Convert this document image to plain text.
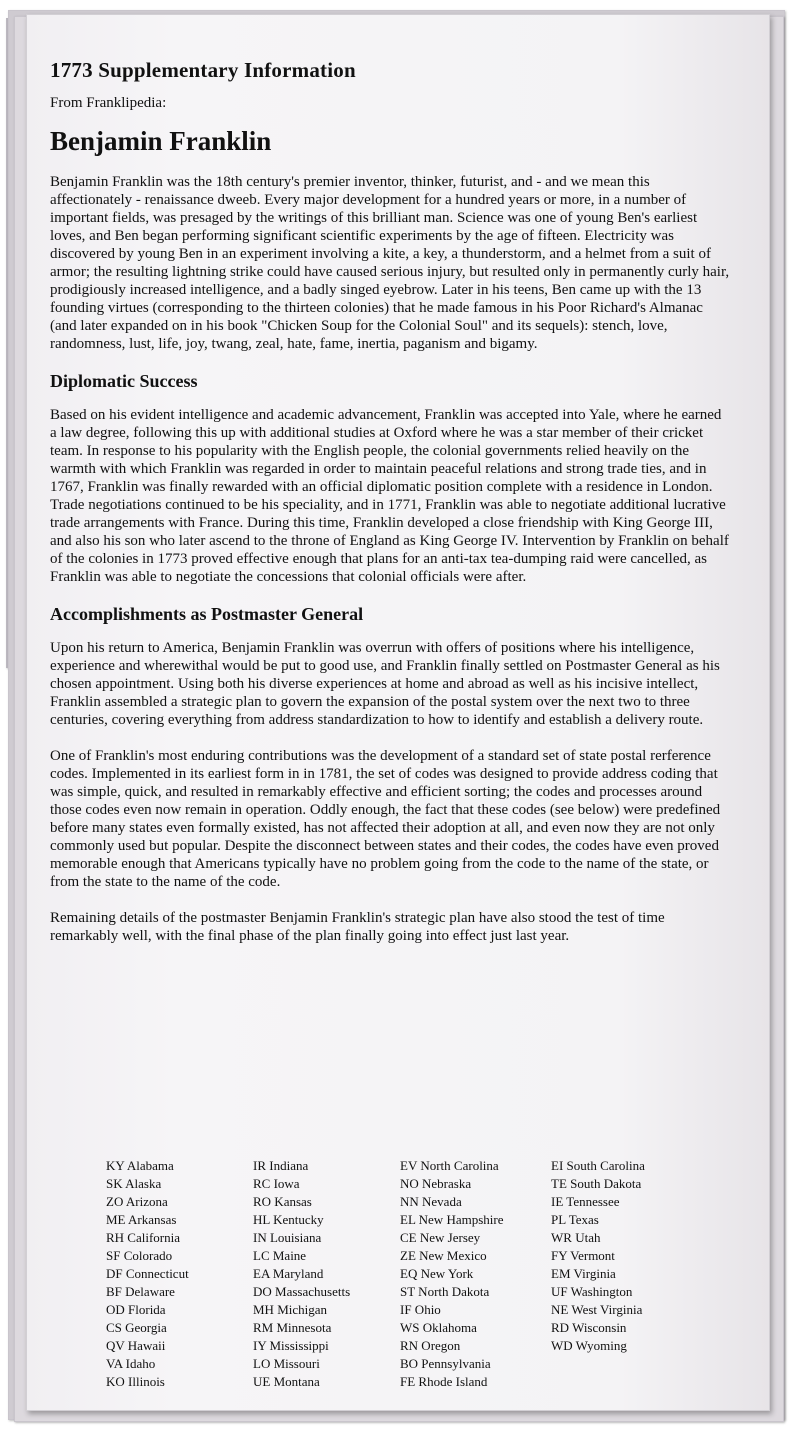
1773 Supplementary Information
From Franklipedia:
Benjamin Franklin

Benjamin Franklin was the 18th century's premier inventor, thinker, futurist, and - and we mean this affectionately - renaissance dweeb. Every major development for a hundred years or more, in a number of important fields, was presaged by the writings of this brilliant man. Science was one of young Ben's earliest loves, and Ben began performing significant scientific experiments by the age of fifteen. Electricity was discovered by young Ben in an experiment involving a kite, a key, a thunderstorm, and a helmet from a suit of armor; the resulting lightning strike could have caused serious injury, but resulted only in permanently curly hair, prodigiously increased intelligence, and a badly singed eyebrow. Later in his teens, Ben came up with the 13 founding virtues (corresponding to the thirteen colonies) that he made famous in his Poor Richard's Almanac (and later expanded on in his book "Chicken Soup for the Colonial Soul" and its sequels): stench, love, randomness, lust, life, joy, twang, zeal, hate, fame, inertia, paganism and bigamy.

Diplomatic Success

Based on his evident intelligence and academic advancement, Franklin was accepted into Yale, where he earned a law degree, following this up with additional studies at Oxford where he was a star member of their cricket team. In response to his popularity with the English people, the colonial governments relied heavily on the warmth with which Franklin was regarded in order to maintain peaceful relations and strong trade ties, and in 1767, Franklin was finally rewarded with an official diplomatic position complete with a residence in London. Trade negotiations continued to be his speciality, and in 1771, Franklin was able to negotiate additional lucrative trade arrangements with France. During this time, Franklin developed a close friendship with King George III, and also his son who later ascend to the throne of England as King George IV. Intervention by Franklin on behalf of the colonies in 1773 proved effective enough that plans for an anti-tax tea-dumping raid were cancelled, as Franklin was able to negotiate the concessions that colonial officials were after.

Accomplishments as Postmaster General

Upon his return to America, Benjamin Franklin was overrun with offers of positions where his intelligence, experience and wherewithal would be put to good use, and Franklin finally settled on Postmaster General as his chosen appointment. Using both his diverse experiences at home and abroad as well as his incisive intellect, Franklin assembled a strategic plan to govern the expansion of the postal system over the next two to three centuries, covering everything from address standardization to how to identify and establish a delivery route.

One of Franklin's most enduring contributions was the development of a standard set of state postal rerference codes. Implemented in its earliest form in in 1781, the set of codes was designed to provide address coding that was simple, quick, and resulted in remarkably effective and efficient sorting; the codes and processes around those codes even now remain in operation. Oddly enough, the fact that these codes (see below) were predefined before many states even formally existed, has not affected their adoption at all, and even now they are not only commonly used but popular. Despite the disconnect between states and their codes, the codes have even proved memorable enough that Americans typically have no problem going from the code to the name of the state, or from the state to the name of the code.

Remaining details of the postmaster Benjamin Franklin's strategic plan have also stood the test of time remarkably well, with the final phase of the plan finally going into effect just last year.

KY Alabama
SK Alaska
ZO Arizona
ME Arkansas
RH California
SF Colorado
DF Connecticut
BF Delaware
OD Florida
CS Georgia
QV Hawaii
VA Idaho
KO Illinois
IR Indiana
RC Iowa
RO Kansas
HL Kentucky
IN Louisiana
LC Maine
EA Maryland
DO Massachusetts
MH Michigan
RM Minnesota
IY Mississippi
LO Missouri
UE Montana
EV North Carolina
NO Nebraska
NN Nevada
EL New Hampshire
CE New Jersey
ZE New Mexico
EQ New York
ST North Dakota
IF Ohio
WS Oklahoma
RN Oregon
BO Pennsylvania
FE Rhode Island
EI South Carolina
TE South Dakota
IE Tennessee
PL Texas
WR Utah
FY Vermont
EM Virginia
UF Washington
NE West Virginia
RD Wisconsin
WD Wyoming
